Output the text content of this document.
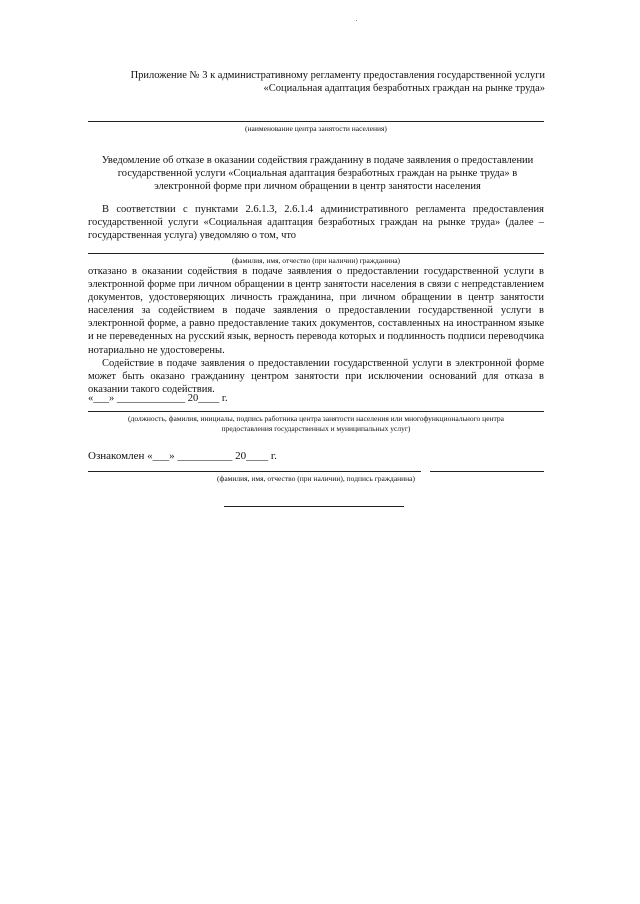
Приложение № 3 к административному регламенту предоставления государственной услуги
«Социальная адаптация безработных граждан на рынке труда»
(наименование центра занятости населения)
Уведомление об отказе в оказании содействия гражданину в подаче заявления о предоставлении
государственной услуги «Социальная адаптация безработных граждан на рынке труда» в
электронной форме при личном обращении в центр занятости населения

В соответствии с пунктами 2.6.1.3, 2.6.1.4 административного регламента предоставления

государственной услуги «Социальная адаптация безработных граждан на рынке труда» (далее –

государственная услуга) уведомляю о том, что

(фамилия, имя, отчество (при наличии) гражданина)

отказано в оказании содействия в подаче заявления о предоставлении государственной услуги в электронной форме при личном обращении в центр занятости населения в связи с непредставлением документов, удостоверяющих личность гражданина, при личном обращении в центр занятости населения за содействием в подаче заявления о предоставлении государственной услуги в электронной форме, а равно предоставление таких документов, составленных на иностранном языке и не переведенных на русский язык, верность перевода которых и подлинность подписи переводчика нотариально не удостоверены.

Содействие в подаче заявления о предоставлении государственной услуги в электронной форме может быть оказано гражданину центром занятости при исключении оснований для отказа в оказании такого содействия.

«___» _____________ 20____ г.
(должность, фамилия, инициалы, подпись работника центра занятости населения или многофункционального центра
предоставления государственных и муниципальных услуг)
Ознакомлен «___» __________ 20____ г.
(фамилия, имя, отчество (при наличии), подпись гражданина)
